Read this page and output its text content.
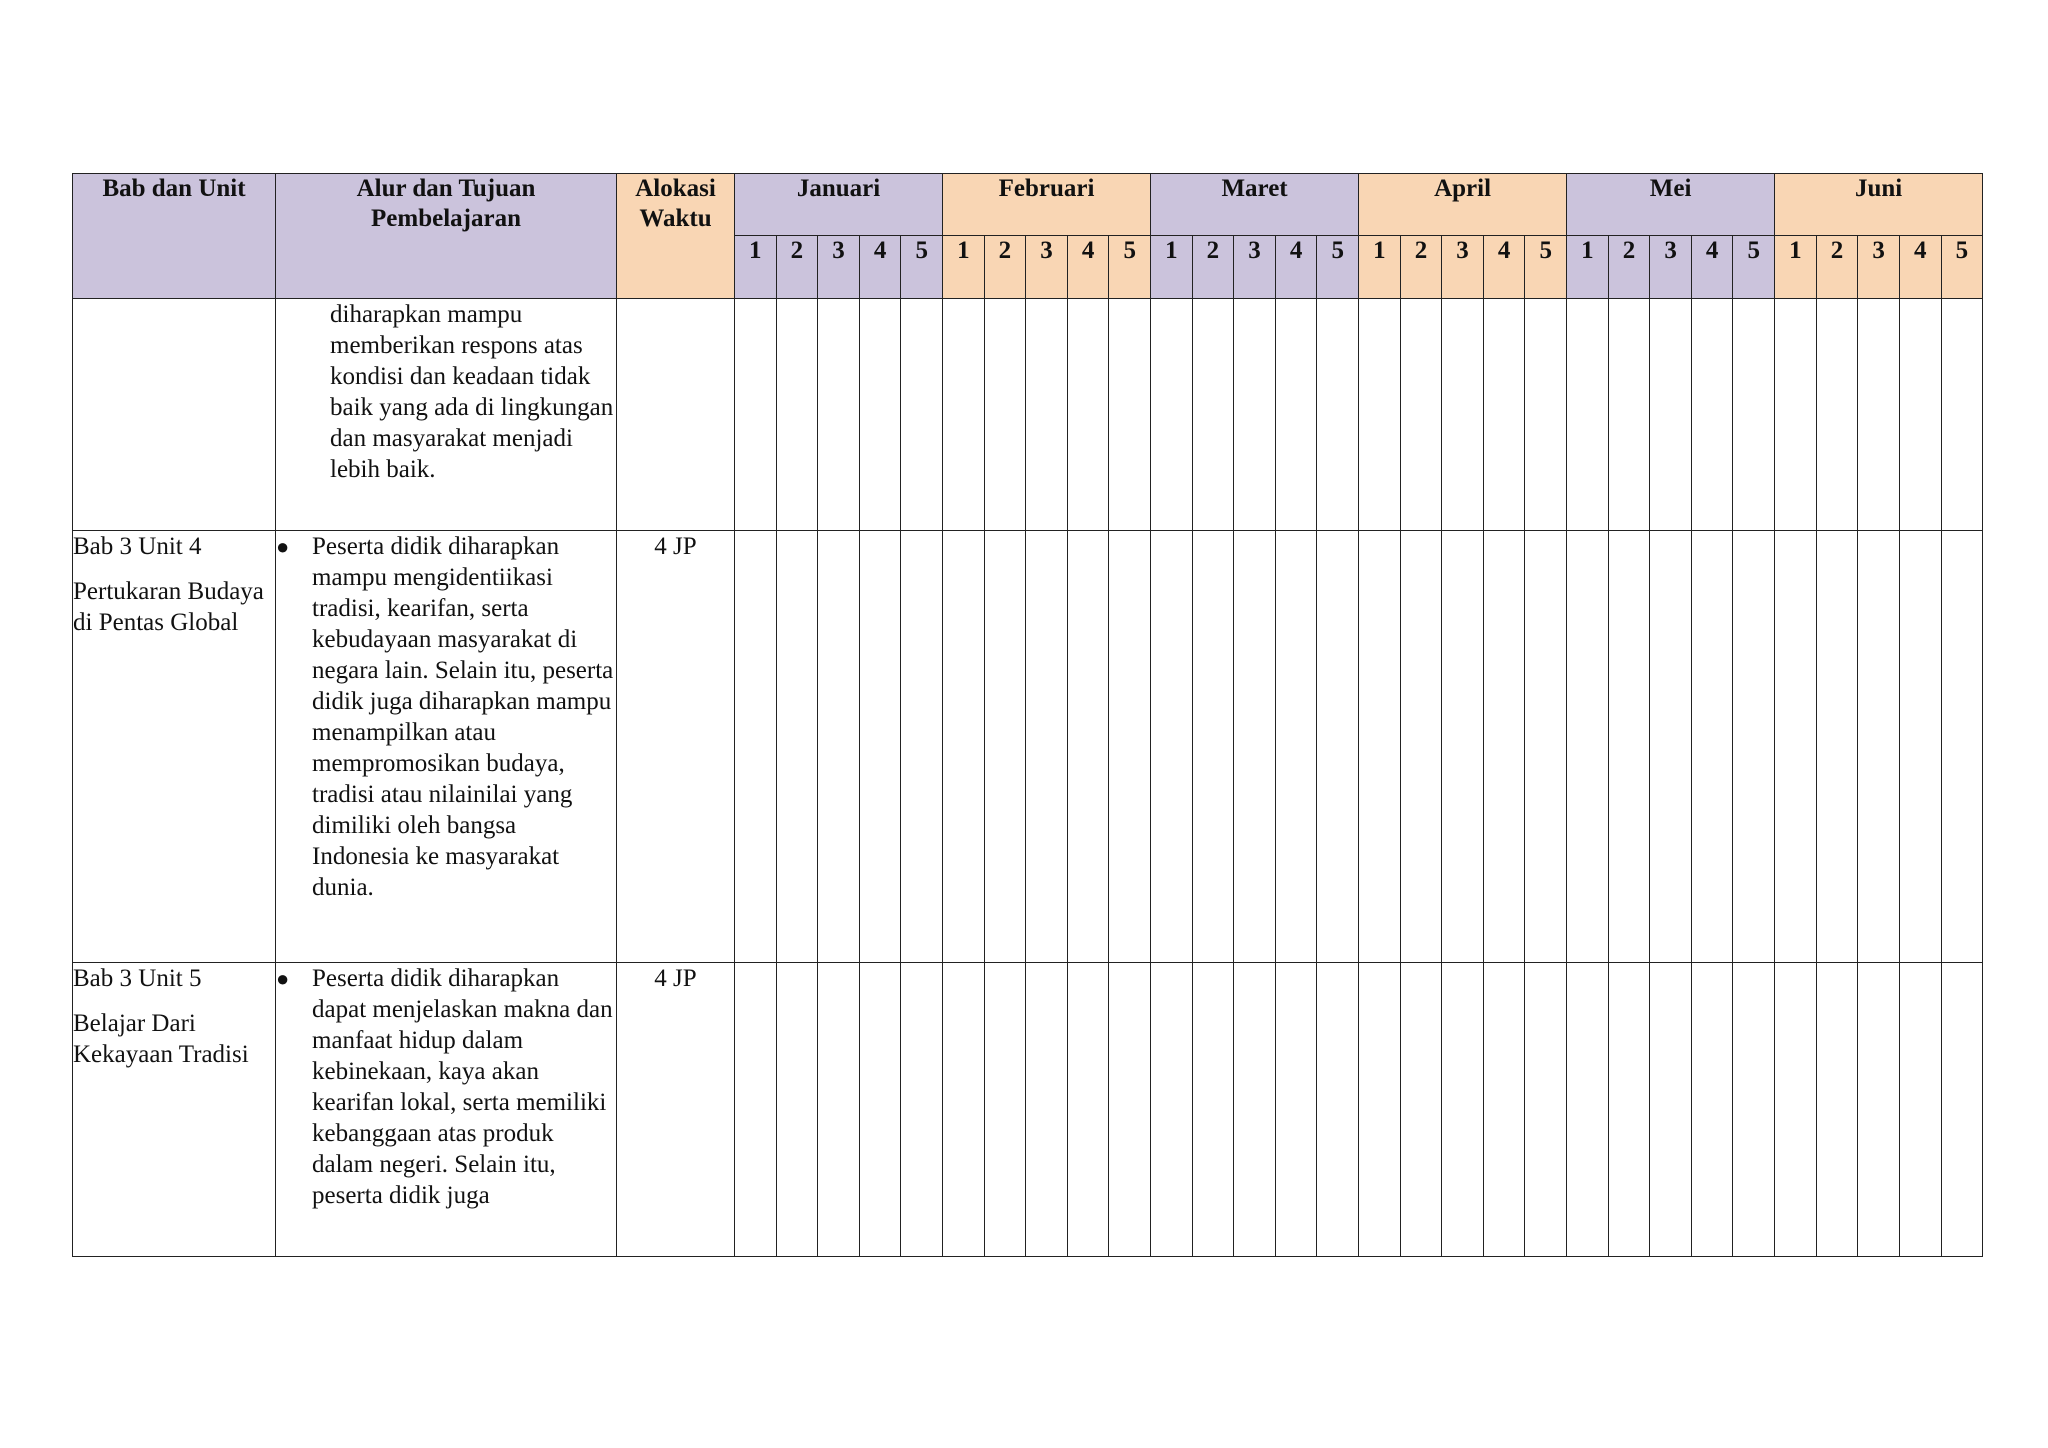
Bab dan Unit	Alur dan Tujuan Pembelajaran	Alokasi Waktu	Januari					Februari					Maret					April					Mei					Juni				
			1	2	3	4	5	1	2	3	4	5	1	2	3	4	5	1	2	3	4	5	1	2	3	4	5	1	2	3	4	5

	diharapkan mampu memberikan respons atas kondisi dan keadaan tidak baik yang ada di lingkungan dan masyarakat menjadi lebih baik.																															

Bab 3 Unit 4
Pertukaran Budaya di Pentas Global	● Peserta didik diharapkan mampu mengidentiikasi tradisi, kearifan, serta kebudayaan masyarakat di negara lain. Selain itu, peserta didik juga diharapkan mampu menampilkan atau mempromosikan budaya, tradisi atau nilainilai yang dimiliki oleh bangsa Indonesia ke masyarakat dunia.	4 JP																														

Bab 3 Unit 5
Belajar Dari Kekayaan Tradisi	● Peserta didik diharapkan dapat menjelaskan makna dan manfaat hidup dalam kebinekaan, kaya akan kearifan lokal, serta memiliki kebanggaan atas produk dalam negeri. Selain itu, peserta didik juga	4 JP																														
